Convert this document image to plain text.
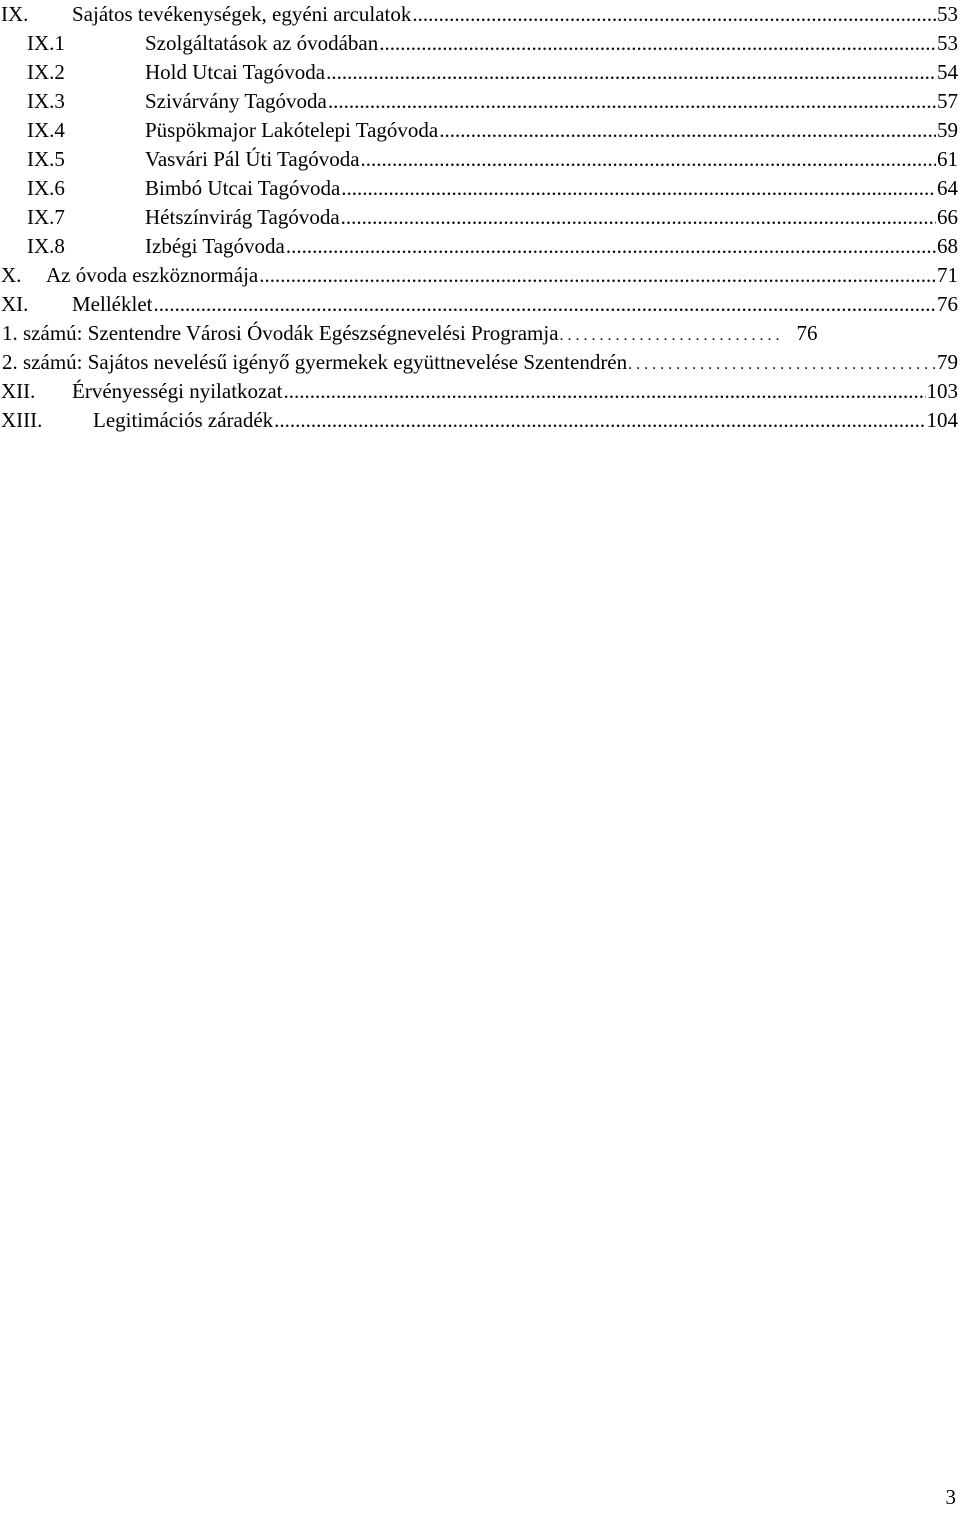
IX.	Sajátos tevékenységek, egyéni arculatok .....	53
IX.1	Szolgáltatások az óvodában .....	53
IX.2	Hold Utcai Tagóvoda .....	54
IX.3	Szivárvány Tagóvoda .....	57
IX.4	Püspökmajor Lakótelepi Tagóvoda .....	59
IX.5	Vasvári Pál Úti Tagóvoda .....	61
IX.6	Bimbó Utcai Tagóvoda .....	64
IX.7	Hétszínvirág Tagóvoda .....	66
IX.8	Izbégi Tagóvoda .....	68
X.	Az óvoda eszköznormája .....	71
XI.	Melléklet .....	76
1. számú: Szentendre Városi Óvodák Egészségnevelési Programja . . .	76
2. számú: Sajátos nevelésű igényő gyermekek együttnevelése Szentendrén . . .	79
XII.	Érvényességi nyilatkozat .....	103
XIII.	Legitimációs záradék .....	104
3
